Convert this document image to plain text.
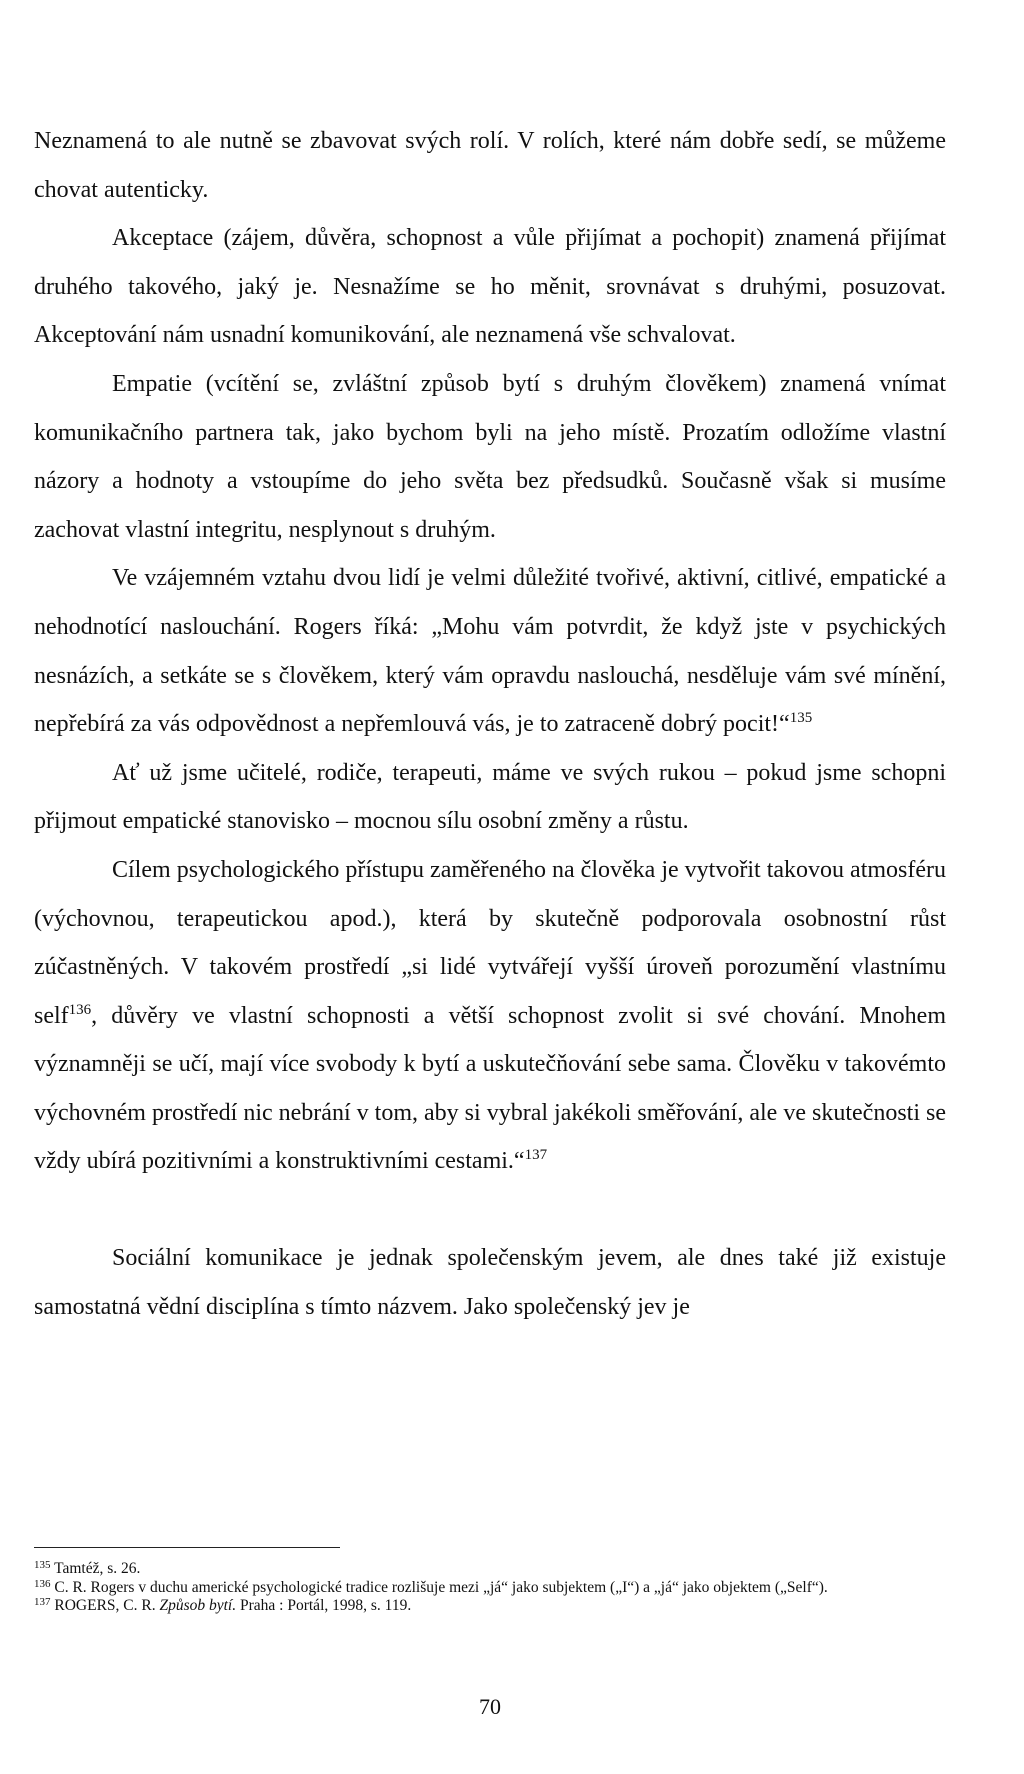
Neznamená to ale nutně se zbavovat svých rolí. V rolích, které nám dobře sedí, se můžeme chovat autenticky.

Akceptace (zájem, důvěra, schopnost a vůle přijímat a pochopit) znamená přijímat druhého takového, jaký je. Nesnažíme se ho měnit, srovnávat s druhými, posuzovat. Akceptování nám usnadní komunikování, ale neznamená vše schvalovat.

Empatie (vcítění se, zvláštní způsob bytí s druhým člověkem) znamená vnímat komunikačního partnera tak, jako bychom byli na jeho místě. Prozatím odložíme vlastní názory a hodnoty a vstoupíme do jeho světa bez předsudků. Současně však si musíme zachovat vlastní integritu, nesplynout s druhým.

Ve vzájemném vztahu dvou lidí je velmi důležité tvořivé, aktivní, citlivé, empatické a nehodnotící naslouchání. Rogers říká: „Mohu vám potvrdit, že když jste v psychických nesnázích, a setkáte se s člověkem, který vám opravdu naslouchá, nesděluje vám své mínění, nepřebírá za vás odpovědnost a nepřemlouvá vás, je to zatraceně dobrý pocit!“$^{135}$

Ať už jsme učitelé, rodiče, terapeuti, máme ve svých rukou – pokud jsme schopni přijmout empatické stanovisko – mocnou sílu osobní změny a růstu.

Cílem psychologického přístupu zaměřeného na člověka je vytvořit takovou atmosféru (výchovnou, terapeutickou apod.), která by skutečně podporovala osobnostní růst zúčastněných. V takovém prostředí „si lidé vytvářejí vyšší úroveň porozumění vlastnímu self$^{136}$, důvěry ve vlastní schopnosti a větší schopnost zvolit si své chování. Mnohem významněji se učí, mají více svobody k bytí a uskutečňování sebe sama. Člověku v takovémto výchovném prostředí nic nebrání v tom, aby si vybral jakékoli směřování, ale ve skutečnosti se vždy ubírá pozitivními a konstruktivními cestami.“$^{137}$

Sociální komunikace je jednak společenským jevem, ale dnes také již existuje samostatná vědní disciplína s tímto názvem. Jako společenský jev je

$^{135}$ Tamtéž, s. 26.

$^{136}$ C. R. Rogers v duchu americké psychologické tradice rozlišuje mezi „já“ jako subjektem („I“) a „já“ jako objektem („Self“).

$^{137}$ ROGERS, C. R. Způsob bytí. Praha : Portál, 1998, s. 119.

70
